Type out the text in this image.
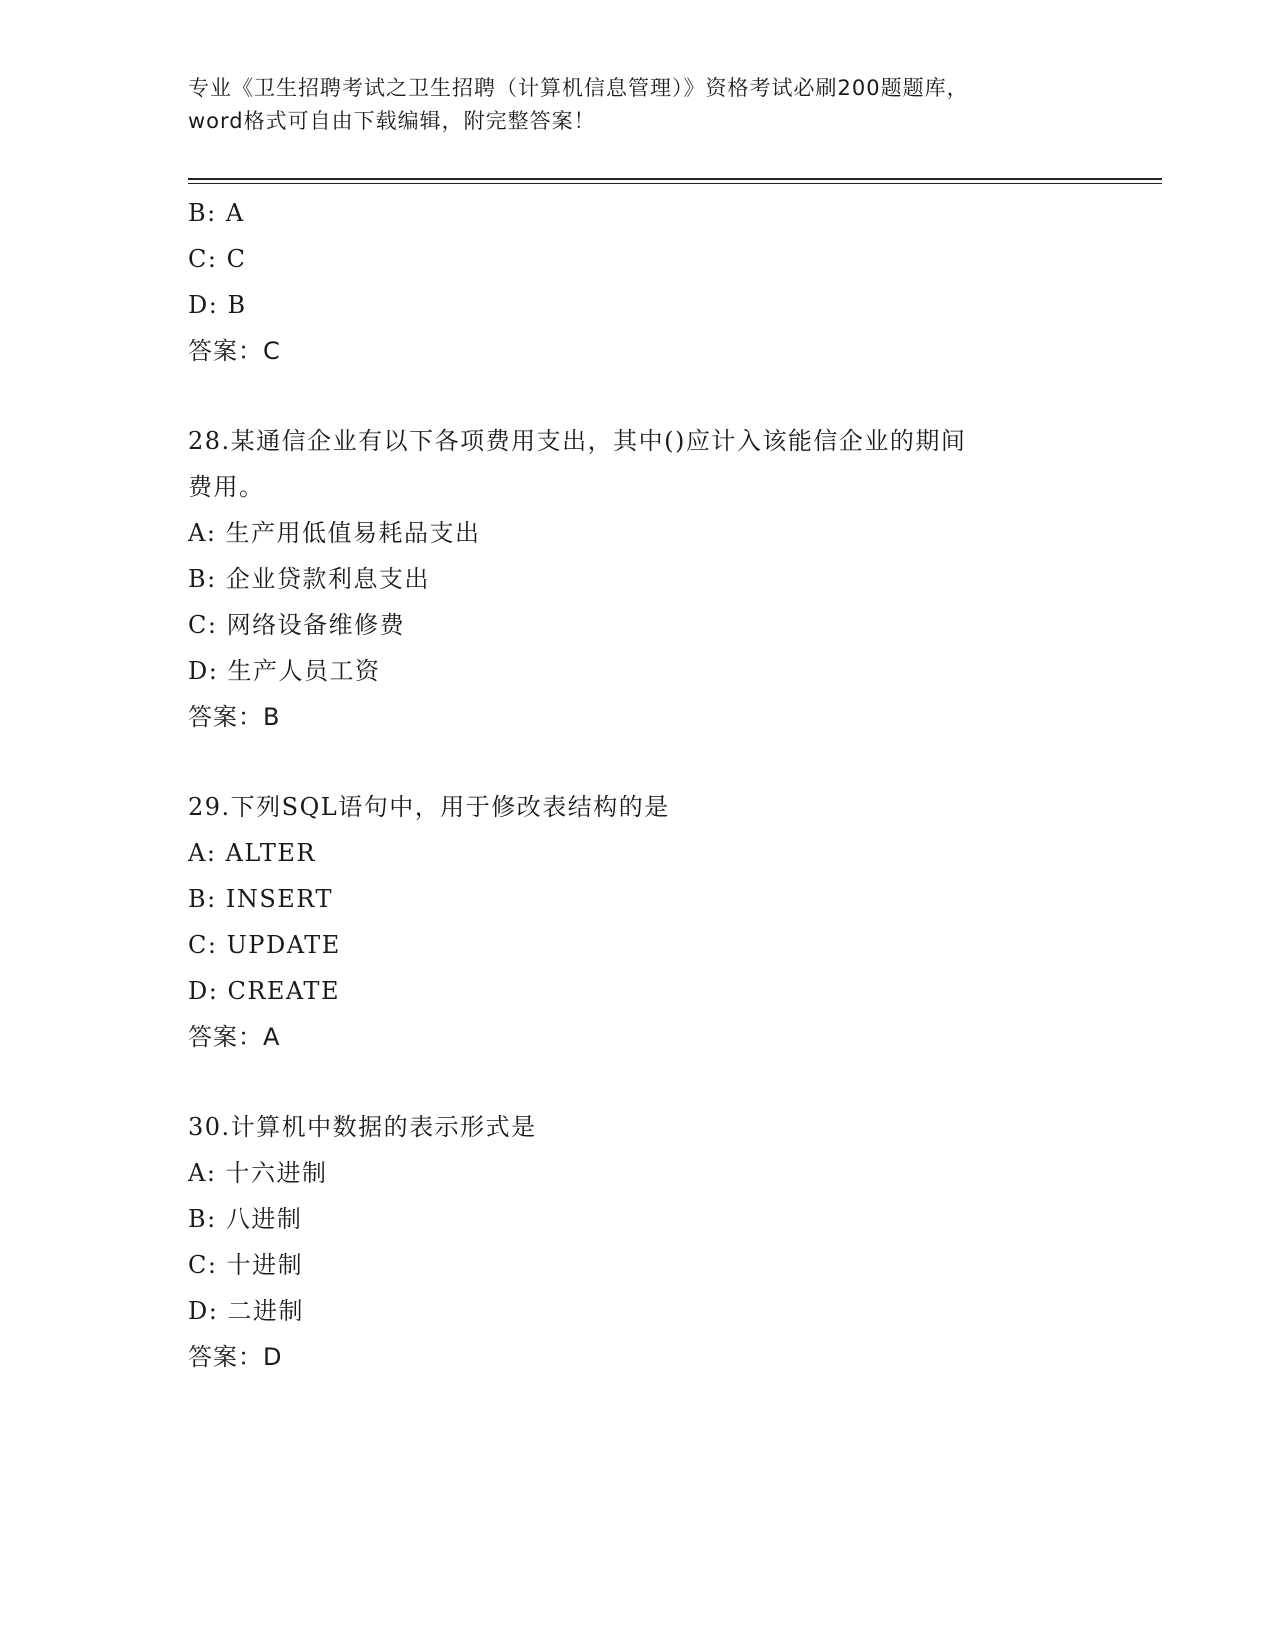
专业《卫生招聘考试之卫生招聘（计算机信息管理）》资格考试必刷200题题库，
word格式可自由下载编辑，附完整答案！
B: A
C: C
D: B
答案：C
28.某通信企业有以下各项费用支出，其中()应计入该能信企业的期间
费用。
A: 生产用低值易耗品支出
B: 企业贷款利息支出
C: 网络设备维修费
D: 生产人员工资
答案：B
29.下列SQL语句中，用于修改表结构的是
A: ALTER
B: INSERT
C: UPDATE
D: CREATE
答案：A
30.计算机中数据的表示形式是
A: 十六进制
B: 八进制
C: 十进制
D: 二进制
答案：D
